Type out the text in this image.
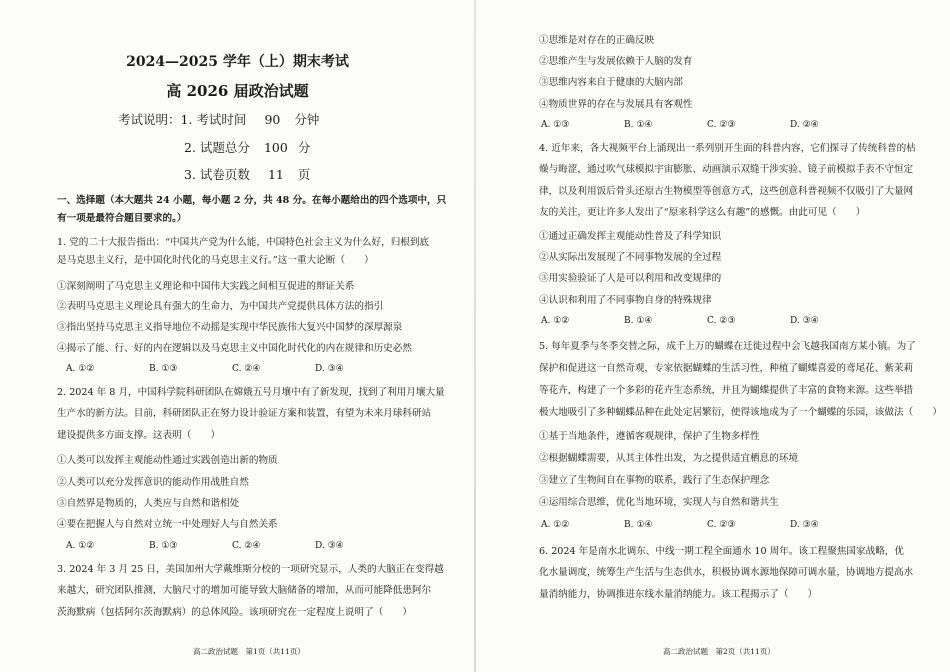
2024—2025 学年（上）期末考试
高 2026 届政治试题
考试说明：1. 考试时间 90 分钟
2. 试题总分 100 分
3. 试卷页数 11 页
一、选择题（本大题共 24 小题，每小题 2 分，共 48 分。在每小题给出的四个选项中，只
有一项是最符合题目要求的。）
1. 党的二十大报告指出：“中国共产党为什么能，中国特色社会主义为什么好，归根到底
是马克思主义行，是中国化时代化的马克思主义行。”这一重大论断（　　）
①深刻阐明了马克思主义理论和中国伟大实践之间相互促进的辩证关系
②表明马克思主义理论具有强大的生命力，为中国共产党提供具体方法的指引
③指出坚持马克思主义指导地位不动摇是实现中华民族伟大复兴中国梦的深厚源泉
④揭示了能、行、好的内在逻辑以及马克思主义中国化时代化的内在规律和历史必然
A. ①②	B. ①③	C. ②④	D. ③④
2. 2024 年 8 月，中国科学院科研团队在嫦娥五号月壤中有了新发现，找到了利用月壤大量
生产水的新方法。目前，科研团队正在努力设计验证方案和装置，有望为未来月球科研站
建设提供多方面支撑。这表明（　　）
①人类可以发挥主观能动性通过实践创造出新的物质
②人类可以充分发挥意识的能动作用战胜自然
③自然界是物质的，人类应与自然和谐相处
④要在把握人与自然对立统一中处理好人与自然关系
A. ①②	B. ①③	C. ②④	D. ③④
3. 2024 年 3 月 25 日，美国加州大学戴维斯分校的一项研究显示，人类的大脑正在变得越
来越大，研究团队推测，大脑尺寸的增加可能导致大脑储备的增加，从而可能降低患阿尔
茨海默病（包括阿尔茨海默病）的总体风险。该项研究在一定程度上说明了（　　）
高二政治试题　第1页（共11页）
①思维是对存在的正确反映
②思维产生与发展依赖于人脑的发育
③思维内容来自于健康的大脑内部
④物质世界的存在与发展具有客观性
A. ①③	B. ①④	C. ②③	D. ②④
4. 近年来，各大视频平台上涌现出一系列别开生面的科普内容，它们探寻了传统科普的枯
燥与晦涩，通过吹气球模拟宇宙膨胀、动画演示双缝干涉实验、镜子前模拟手表不守恒定
律，以及利用饭后骨头还原古生物模型等创意方式，这些创意科普视频不仅吸引了大量网
友的关注，更让许多人发出了“原来科学这么有趣”的感慨。由此可见（　　）
①通过正确发挥主观能动性普及了科学知识
②从实际出发展现了不同事物发展的全过程
③用实验验证了人是可以利用和改变规律的
④认识和利用了不同事物自身的特殊规律
A. ①②	B. ①④	C. ②③	D. ③④
5. 每年夏季与冬季交替之际，成千上万的蝴蝶在迁徙过程中会飞越我国南方某小镇。为了
保护和促进这一自然奇观，专家依据蝴蝶的生活习性，种植了蝴蝶喜爱的鸢尾花、紫茉莉
等花卉，构建了一个多彩的花卉生态系统，并且为蝴蝶提供了丰富的食物来源。这些举措
极大地吸引了多种蝴蝶品种在此处定居繁衍，使得该地成为了一个蝴蝶的乐园，该做法（　　）
①基于当地条件，遵循客观规律，保护了生物多样性
②根据蝴蝶需要，从其主体性出发，为之提供适宜栖息的环境
③建立了生物间自在事物的联系，践行了生态保护理念
④运用综合思维，优化当地环境，实现人与自然和谐共生
A. ①②	B. ①④	C. ②③	D. ③④
6. 2024 年是南水北调东、中线一期工程全面通水 10 周年。该工程聚焦国家战略，优
化水量调度，统筹生产生活与生态供水，积极协调水源地保障可调水量，协调地方提高水
量消纳能力，协调推进东线水量消纳能力。该工程揭示了（　　）
高二政治试题　第2页（共11页）
